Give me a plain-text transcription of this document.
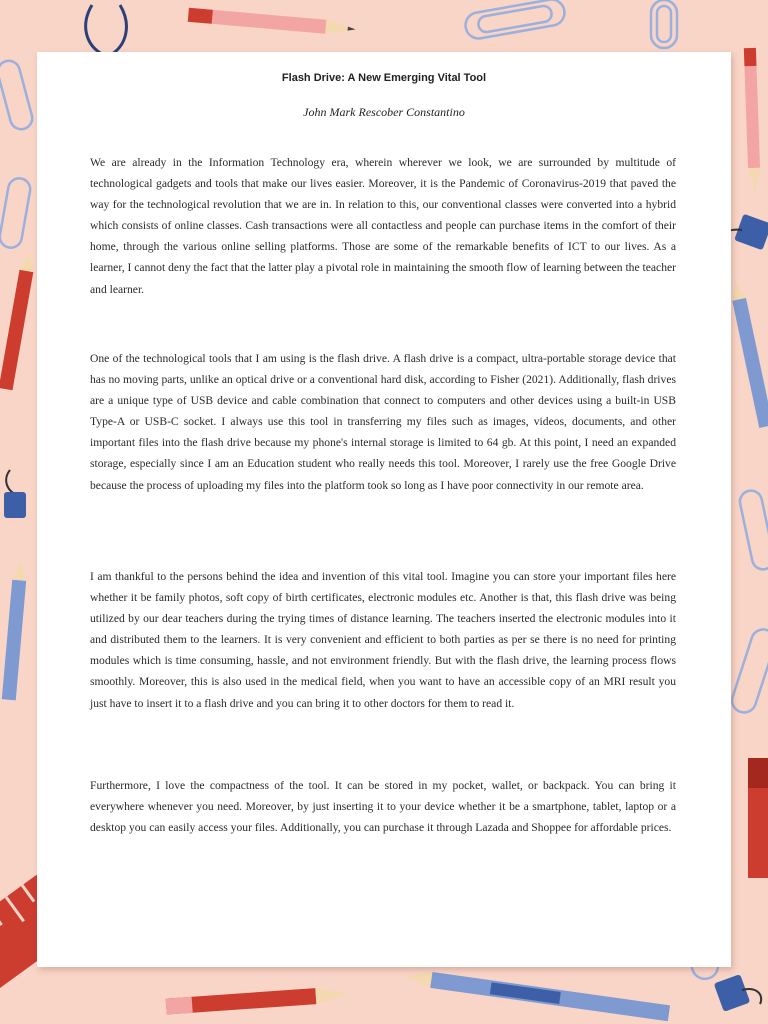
Flash Drive: A New Emerging Vital Tool
John Mark Rescober Constantino

We are already in the Information Technology era, wherein wherever we look, we are surrounded by multitude of technological gadgets and tools that make our lives easier. Moreover, it is the Pandemic of Coronavirus-2019 that paved the way for the technological revolution that we are in. In relation to this, our conventional classes were converted into a hybrid which consists of online classes. Cash transactions were all contactless and people can purchase items in the comfort of their home, through the various online selling platforms. Those are some of the remarkable benefits of ICT to our lives. As a learner, I cannot deny the fact that the latter play a pivotal role in maintaining the smooth flow of learning between the teacher and learner.

One of the technological tools that I am using is the flash drive. A flash drive is a compact, ultra-portable storage device that has no moving parts, unlike an optical drive or a conventional hard disk, according to Fisher (2021). Additionally, flash drives are a unique type of USB device and cable combination that connect to computers and other devices using a built-in USB Type-A or USB-C socket. I always use this tool in transferring my files such as images, videos, documents, and other important files into the flash drive because my phone's internal storage is limited to 64 gb. At this point, I need an expanded storage, especially since I am an Education student who really needs this tool. Moreover, I rarely use the free Google Drive because the process of uploading my files into the platform took so long as I have poor connectivity in our remote area.

I am thankful to the persons behind the idea and invention of this vital tool. Imagine you can store your important files here whether it be family photos, soft copy of birth certificates, electronic modules etc. Another is that, this flash drive was being utilized by our dear teachers during the trying times of distance learning. The teachers inserted the electronic modules into it and distributed them to the learners. It is very convenient and efficient to both parties as per se there is no need for printing modules which is time consuming, hassle, and not environment friendly. But with the flash drive, the learning process flows smoothly. Moreover, this is also used in the medical field, when you want to have an accessible copy of an MRI result you just have to insert it to a flash drive and you can bring it to other doctors for them to read it.

Furthermore, I love the compactness of the tool. It can be stored in my pocket, wallet, or backpack. You can bring it everywhere whenever you need. Moreover, by just inserting it to your device whether it be a smartphone, tablet, laptop or a desktop you can easily access your files. Additionally, you can purchase it through Lazada and Shoppee for affordable prices.
